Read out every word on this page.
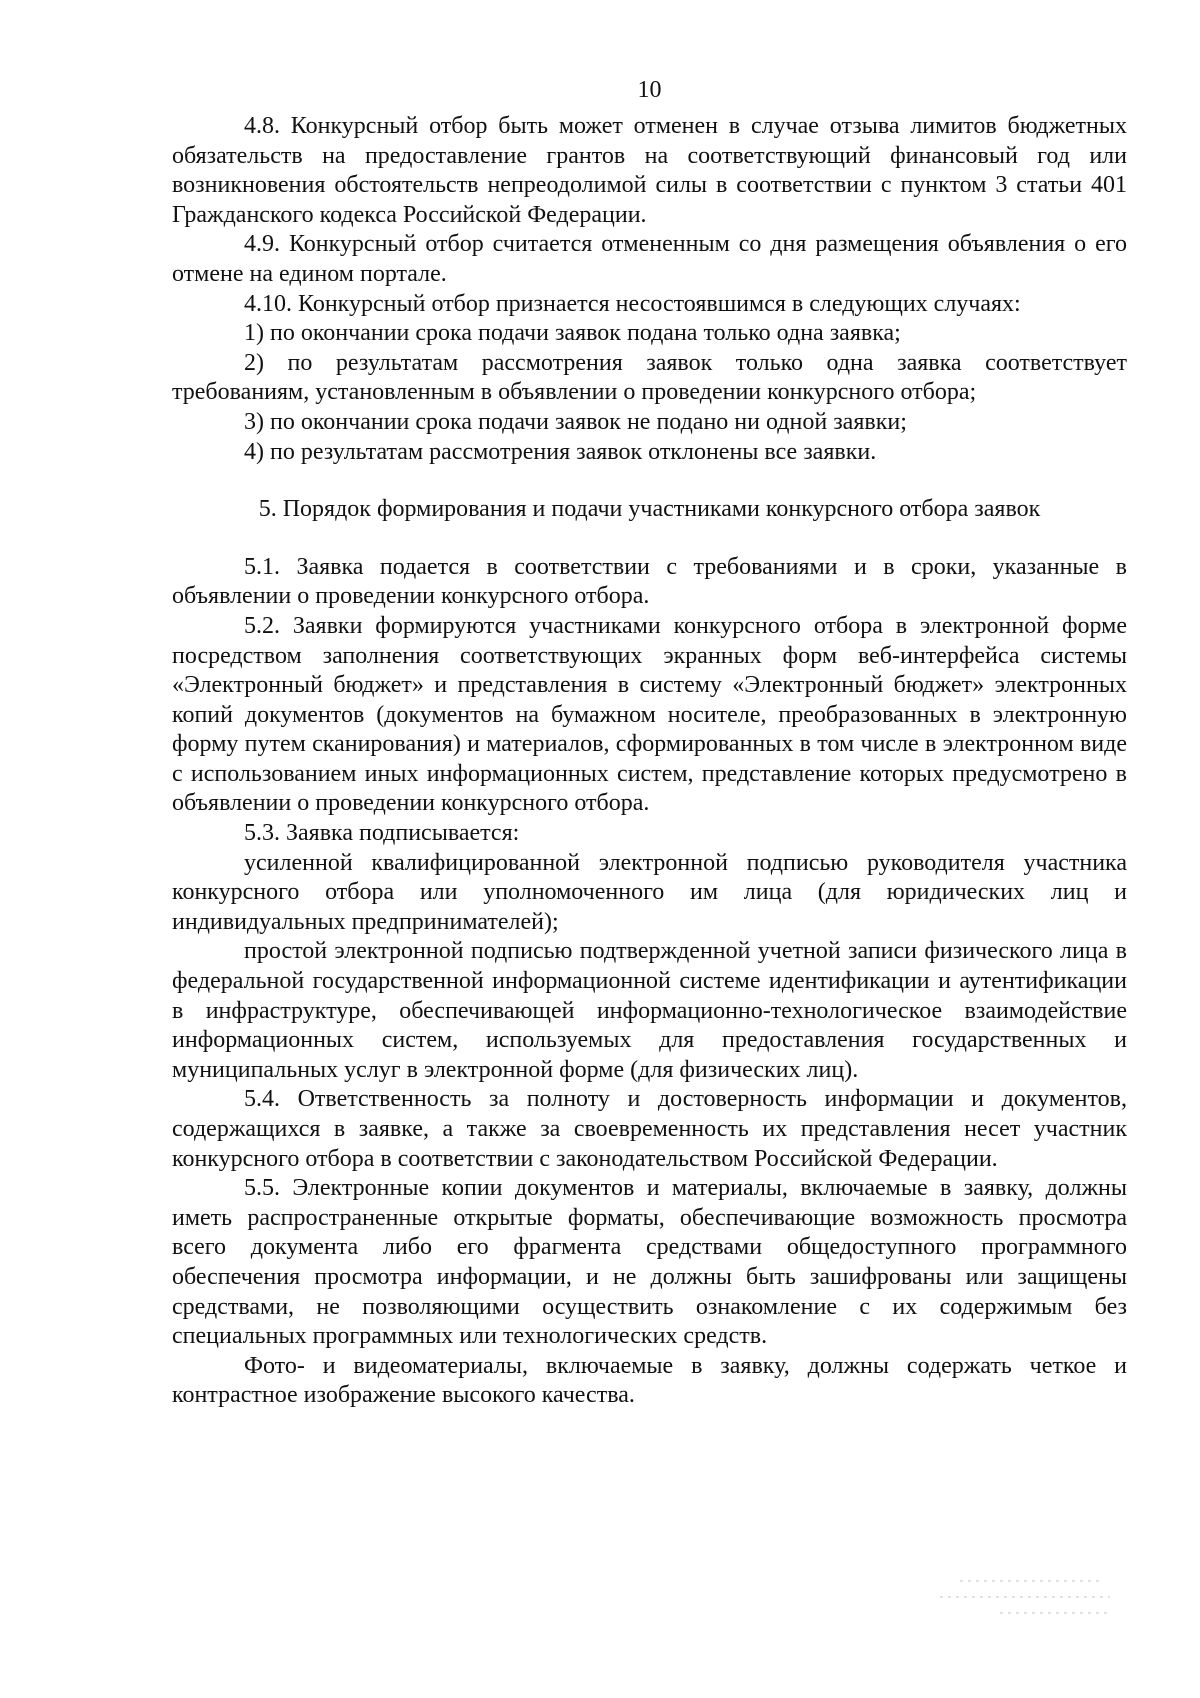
10

4.8. Конкурсный отбор быть может отменен в случае отзыва лимитов бюджетных обязательств на предоставление грантов на соответствующий финансовый год или возникновения обстоятельств непреодолимой силы в соответствии с пунктом 3 статьи 401 Гражданского кодекса Российской Федерации.

4.9. Конкурсный отбор считается отмененным со дня размещения объявления о его отмене на едином портале.

4.10. Конкурсный отбор признается несостоявшимся в следующих случаях:

1) по окончании срока подачи заявок подана только одна заявка;

2) по результатам рассмотрения заявок только одна заявка соответствует требованиям, установленным в объявлении о проведении конкурсного отбора;

3) по окончании срока подачи заявок не подано ни одной заявки;

4) по результатам рассмотрения заявок отклонены все заявки.

5. Порядок формирования и подачи участниками конкурсного отбора заявок

5.1. Заявка подается в соответствии с требованиями и в сроки, указанные в объявлении о проведении конкурсного отбора.

5.2. Заявки формируются участниками конкурсного отбора в электронной форме посредством заполнения соответствующих экранных форм веб-интерфейса системы «Электронный бюджет» и представления в систему «Электронный бюджет» электронных копий документов (документов на бумажном носителе, преобразованных в электронную форму путем сканирования) и материалов, сформированных в том числе в электронном виде с использованием иных информационных систем, представление которых предусмотрено в объявлении о проведении конкурсного отбора.

5.3. Заявка подписывается:

усиленной квалифицированной электронной подписью руководителя участника конкурсного отбора или уполномоченного им лица (для юридических лиц и индивидуальных предпринимателей);

простой электронной подписью подтвержденной учетной записи физического лица в федеральной государственной информационной системе идентификации и аутентификации в инфраструктуре, обеспечивающей информационно-технологическое взаимодействие информационных систем, используемых для предоставления государственных и муниципальных услуг в электронной форме (для физических лиц).

5.4. Ответственность за полноту и достоверность информации и документов, содержащихся в заявке, а также за своевременность их представления несет участник конкурсного отбора в соответствии с законодательством Российской Федерации.

5.5. Электронные копии документов и материалы, включаемые в заявку, должны иметь распространенные открытые форматы, обеспечивающие возможность просмотра всего документа либо его фрагмента средствами общедоступного программного обеспечения просмотра информации, и не должны быть зашифрованы или защищены средствами, не позволяющими осуществить ознакомление с их содержимым без специальных программных или технологических средств.

Фото- и видеоматериалы, включаемые в заявку, должны содержать четкое и контрастное изображение высокого качества.
